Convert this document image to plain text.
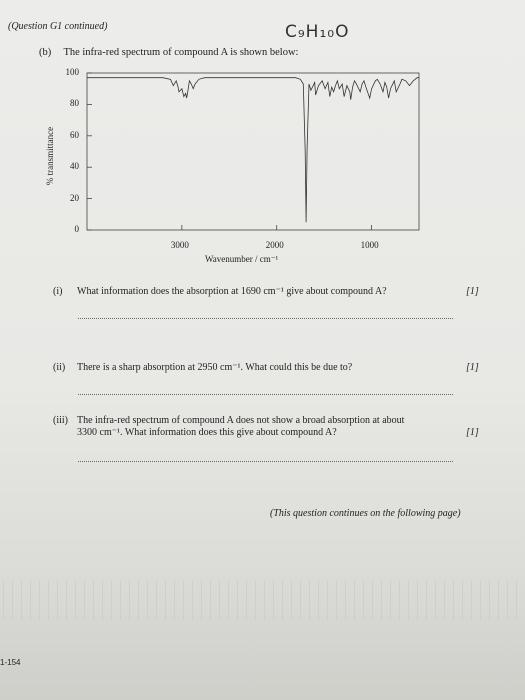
(Question G1 continued)	C₉H₁₀O
(b) The infra-red spectrum of compound A is shown below:
% transmittance
Wavenumber / cm⁻¹
100
80
60
40
20
0
3000	2000	1000
(i) What information does the absorption at 1690 cm⁻¹ give about compound A?	[1]
(ii) There is a sharp absorption at 2950 cm⁻¹. What could this be due to?	[1]
(iii) The infra-red spectrum of compound A does not show a broad absorption at about
3300 cm⁻¹. What information does this give about compound A?	[1]
(This question continues on the following page)
1-154
